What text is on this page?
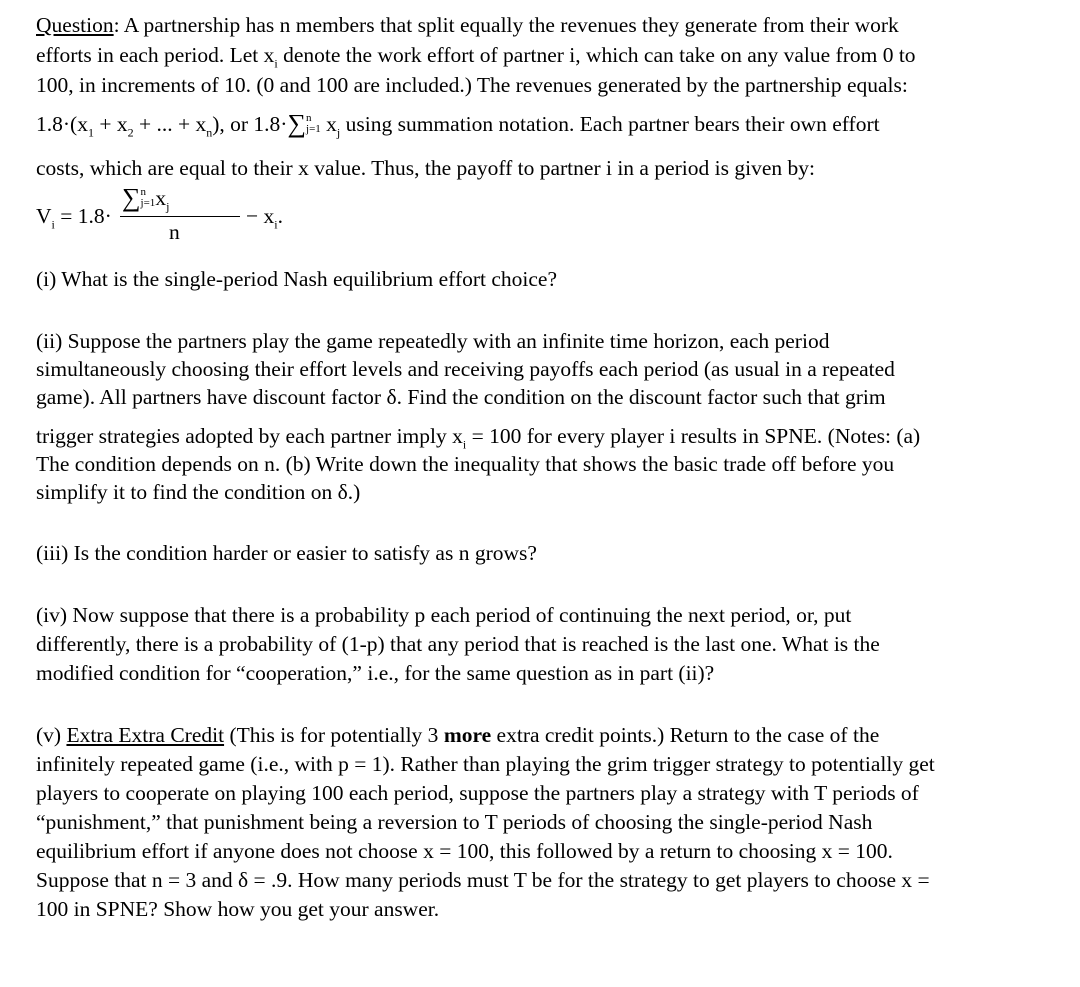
Question: A partnership has n members that split equally the revenues they generate from their work
efforts in each period. Let $x_i$ denote the work effort of partner i, which can take on any value from 0 to
100, in increments of 10. (0 and 100 are included.) The revenues generated by the partnership equals:
$1.8\cdot(x_1 + x_2$ + ... + $x_n$), or 1.8·∑n
j=1 $x_j$ using summation notation. Each partner bears their own effort
costs, which are equal to their x value. Thus, the payoff to partner i in a period is given by:
$V_i = 1.8\cdot$
∑n
$j=1x_j$
n
− $x_i$.
(i) What is the single-period Nash equilibrium effort choice?
(ii) Suppose the partners play the game repeatedly with an infinite time horizon, each period
simultaneously choosing their effort levels and receiving payoffs each period (as usual in a repeated
game). All partners have discount factor δ. Find the condition on the discount factor such that grim
trigger strategies adopted by each partner imply $x_i = 100$ for every player i results in SPNE. (Notes: (a)
The condition depends on n. (b) Write down the inequality that shows the basic trade off before you
simplify it to find the condition on δ.)
(iii) Is the condition harder or easier to satisfy as n grows?
(iv) Now suppose that there is a probability p each period of continuing the next period, or, put
differently, there is a probability of (1-p) that any period that is reached is the last one. What is the
modified condition for “cooperation,” i.e., for the same question as in part (ii)?
(v) Extra Extra Credit (This is for potentially 3 more extra credit points.) Return to the case of the
infinitely repeated game (i.e., with p = 1). Rather than playing the grim trigger strategy to potentially get
players to cooperate on playing 100 each period, suppose the partners play a strategy with T periods of
“punishment,” that punishment being a reversion to T periods of choosing the single-period Nash
equilibrium effort if anyone does not choose x = 100, this followed by a return to choosing x = 100.
Suppose that n = 3 and δ = .9. How many periods must T be for the strategy to get players to choose x =
100 in SPNE? Show how you get your answer.
